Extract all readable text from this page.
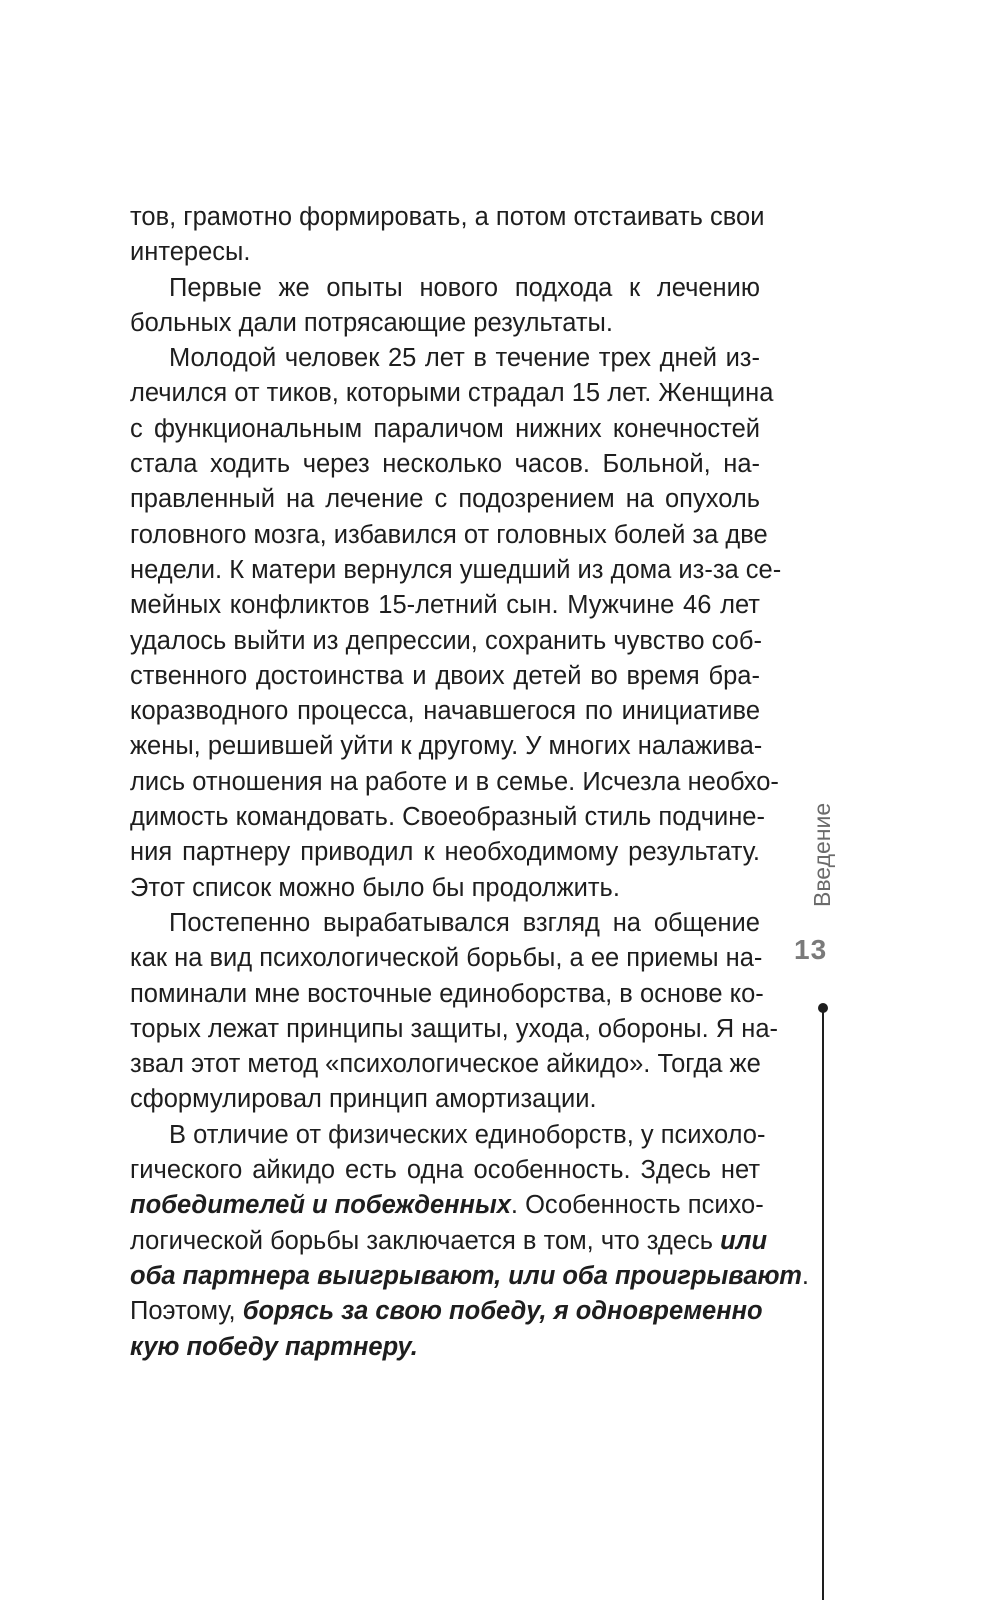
тов, грамотно формировать, а потом отстаивать свои
интересы.
Первые же опыты нового подхода к лечению
больных дали потрясающие результаты.
Молодой человек 25 лет в течение трех дней из-
лечился от тиков, которыми страдал 15 лет. Женщина
с функциональным параличом нижних конечностей
стала ходить через несколько часов. Больной, на-
правленный на лечение с подозрением на опухоль
головного мозга, избавился от головных болей за две
недели. К матери вернулся ушедший из дома из-за се-
мейных конфликтов 15-летний сын. Мужчине 46 лет
удалось выйти из депрессии, сохранить чувство соб-
ственного достоинства и двоих детей во время бра-
коразводного процесса, начавшегося по инициативе
жены, решившей уйти к другому. У многих налажива-
лись отношения на работе и в семье. Исчезла необхо-
димость командовать. Своеобразный стиль подчине-
ния партнеру приводил к необходимому результату.
Этот список можно было бы продолжить.
Постепенно вырабатывался взгляд на общение
как на вид психологической борьбы, а ее приемы на-
поминали мне восточные единоборства, в основе ко-
торых лежат принципы защиты, ухода, обороны. Я на-
звал этот метод «психологическое айкидо». Тогда же
сформулировал принцип амортизации.
В отличие от физических единоборств, у психоло-
гического айкидо есть одна особенность. Здесь нет
победителей и побежденных. Особенность психо-
логической борьбы заключается в том, что здесь или
оба партнера выигрывают, или оба проигрывают.
Поэтому, борясь за свою победу, я одновременно
кую победу партнеру.
Введение
13
